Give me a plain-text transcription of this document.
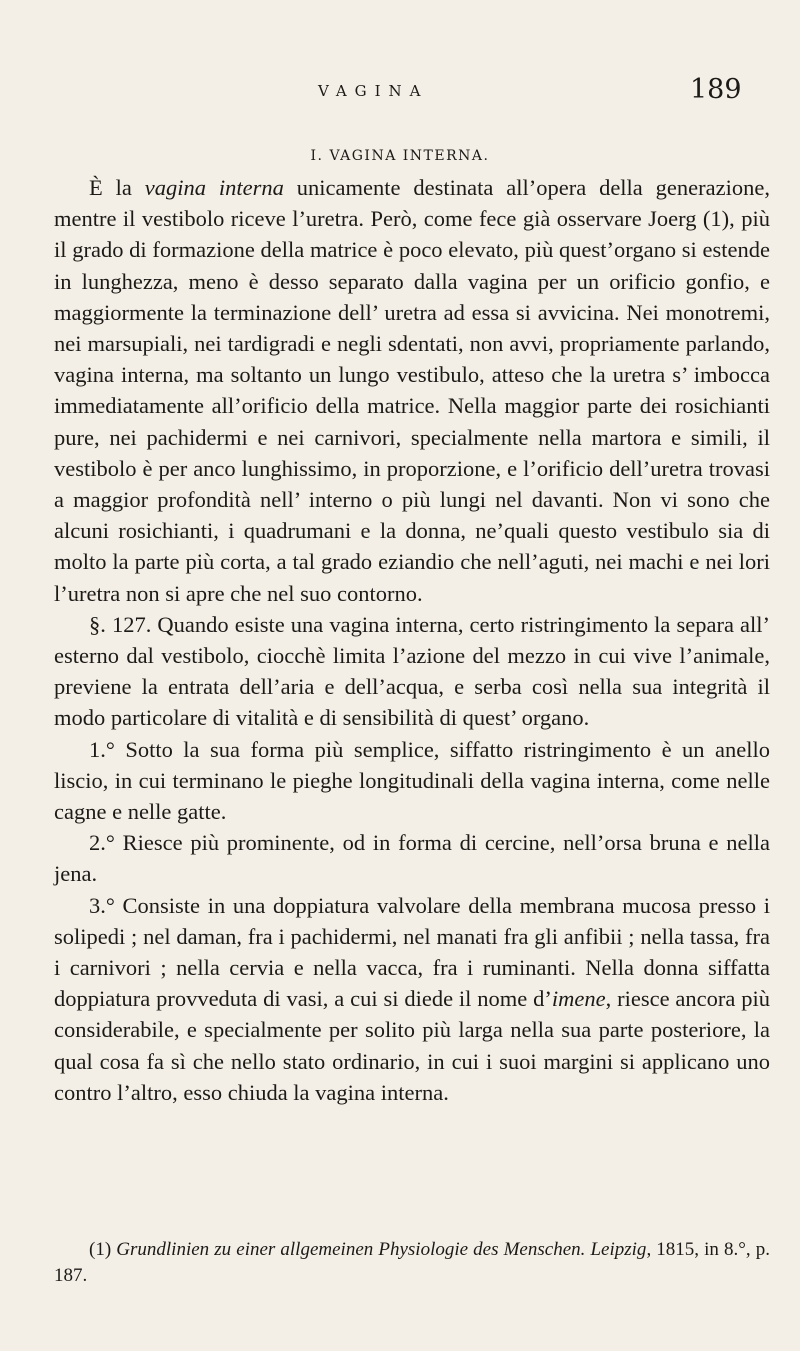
VAGINA	189
I. VAGINA INTERNA.

È la vagina interna unicamente destinata all’opera della generazione, mentre il vestibolo riceve l’uretra. Però, come fece già osservare Joerg (1), più il grado di formazione della matrice è poco elevato, più quest’organo si estende in lunghezza, meno è desso separato dalla vagina per un orificio gonfio, e maggiormente la terminazione dell’ uretra ad essa si avvicina. Nei monotremi, nei marsupiali, nei tardigradi e negli sdentati, non avvi, propriamente parlando, vagina interna, ma soltanto un lungo vestibulo, atteso che la uretra s’ imbocca immediatamente all’orificio della matrice. Nella maggior parte dei rosichianti pure, nei pachidermi e nei carnivori, specialmente nella martora e simili, il vestibolo è per anco lunghissimo, in proporzione, e l’orificio dell’uretra trovasi a maggior profondità nell’ interno o più lungi nel davanti. Non vi sono che alcuni rosichianti, i quadrumani e la donna, ne’quali questo vestibulo sia di molto la parte più corta, a tal grado eziandio che nell’aguti, nei machi e nei lori l’uretra non si apre che nel suo contorno.

§. 127. Quando esiste una vagina interna, certo ristringimento la separa all’ esterno dal vestibolo, ciocchè limita l’azione del mezzo in cui vive l’animale, previene la entrata dell’aria e dell’acqua, e serba così nella sua integrità il modo particolare di vitalità e di sensibilità di quest’ organo.

1.° Sotto la sua forma più semplice, siffatto ristringimento è un anello liscio, in cui terminano le pieghe longitudinali della vagina interna, come nelle cagne e nelle gatte.

2.° Riesce più prominente, od in forma di cercine, nell’orsa bruna e nella jena.

3.° Consiste in una doppiatura valvolare della membrana mucosa presso i solipedi ; nel daman, fra i pachidermi, nel manati fra gli anfibii ; nella tassa, fra i carnivori ; nella cervia e nella vacca, fra i ruminanti. Nella donna siffatta doppiatura provveduta di vasi, a cui si diede il nome d’imene, riesce ancora più considerabile, e specialmente per solito più larga nella sua parte posteriore, la qual cosa fa sì che nello stato ordinario, in cui i suoi margini si applicano uno contro l’altro, esso chiuda la vagina interna.

(1) Grundlinien zu einer allgemeinen Physiologie des Menschen. Leipzig, 1815, in 8.°, p. 187.
